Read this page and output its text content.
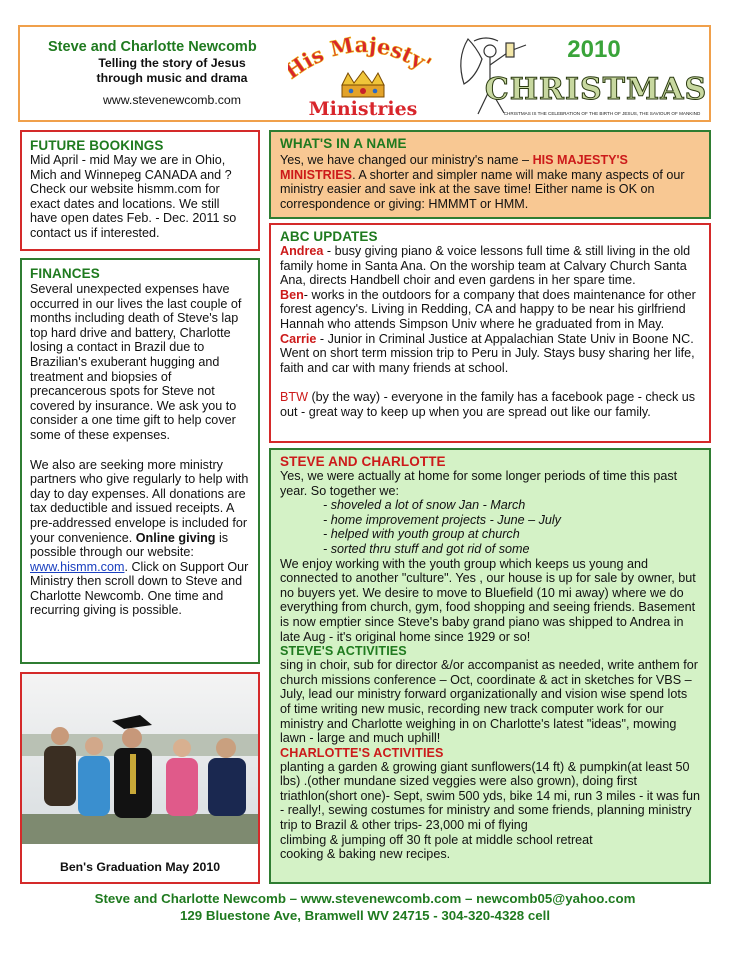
Steve and Charlotte Newcomb
Telling the story of Jesus
through music and drama
www.stevenewcomb.com
is Majesty'
Ministries
2010
CHRISTMAS
CHRISTMAS IS THE CELEBRATION OF THE BIRTH OF JESUS, THE SAVIOUR OF MANKIND
FUTURE BOOKINGS

Mid April - mid May we are in Ohio, Mich and Winnepeg CANADA and ? Check our website hismm.com for exact dates and locations. We still have open dates Feb. - Dec. 2011 so contact us if interested.

FINANCES

Several unexpected expenses have occurred in our lives the last couple of months including death of Steve's lap top hard drive and battery, Charlotte losing a contact in Brazil due to Brazilian's exuberant hugging and treatment and biopsies of precancerous spots for Steve not covered by insurance. We ask you to consider a one time gift to help cover some of these expenses.

We also are seeking more ministry partners who give regularly to help with day to day expenses. All donations are tax deductible and issued receipts. A pre-addressed envelope is included for your convenience. Online giving is possible through our website: www.hismm.com. Click on Support Our Ministry then scroll down to Steve and Charlotte Newcomb. One time and recurring giving is possible.

Ben's Graduation May 2010
WHAT'S IN A NAME

Yes, we have changed our ministry's name – HIS MAJESTY'S MINISTRIES. A shorter and simpler name will make many aspects of our ministry easier and save ink at the save time! Either name is OK on correspondence or giving: HMMMT or HMM.

ABC UPDATES

Andrea - busy giving piano & voice lessons full time & still living in the old family home in Santa Ana. On the worship team at Calvary Church Santa Ana, directs Handbell choir and even gardens in her spare time.

Ben- works in the outdoors for a company that does maintenance for other forest agency's. Living in Redding, CA and happy to be near his girlfriend Hannah who attends Simpson Univ where he graduated from in May.

Carrie - Junior in Criminal Justice at Appalachian State Univ in Boone NC. Went on short term mission trip to Peru in July. Stays busy sharing her life, faith and car with many friends at school.

BTW (by the way) - everyone in the family has a facebook page - check us out - great way to keep up when you are spread out like our family.

STEVE AND CHARLOTTE

Yes, we were actually at home for some longer periods of time this past year. So together we:

- shoveled a lot of snow Jan - March

- home improvement projects - June – July

- helped with youth group at church

- sorted thru stuff and got rid of some

We enjoy working with the youth group which keeps us young and connected to another "culture". Yes , our house is up for sale by owner, but no buyers yet. We desire to move to Bluefield (10 mi away) where we do everything from church, gym, food shopping and seeing friends. Basement is now emptier since Steve's baby grand piano was shipped to Andrea in late Aug - it's original home since 1929 or so!

STEVE'S ACTIVITIES

sing in choir, sub for director &/or accompanist as needed, write anthem for church missions conference – Oct, coordinate & act in sketches for VBS – July, lead our ministry forward organizationally and vision wise spend lots of time writing new music, recording new track computer work for our ministry and Charlotte weighing in on Charlotte's latest "ideas", mowing lawn - large and much uphill!

CHARLOTTE'S ACTIVITIES

planting a garden & growing giant sunflowers(14 ft) & pumpkin(at least 50 lbs) .(other mundane sized veggies were also grown), doing first triathlon(short one)- Sept, swim 500 yds, bike 14 mi, run 3 miles - it was fun - really!, sewing costumes for ministry and some friends, planning ministry trip to Brazil & other trips- 23,000 mi of flying

climbing & jumping off 30 ft pole at middle school retreat

cooking & baking new recipes.

Steve and Charlotte Newcomb – www.stevenewcomb.com – newcomb05@yahoo.com
129 Bluestone Ave, Bramwell WV 24715 - 304-320-4328 cell
